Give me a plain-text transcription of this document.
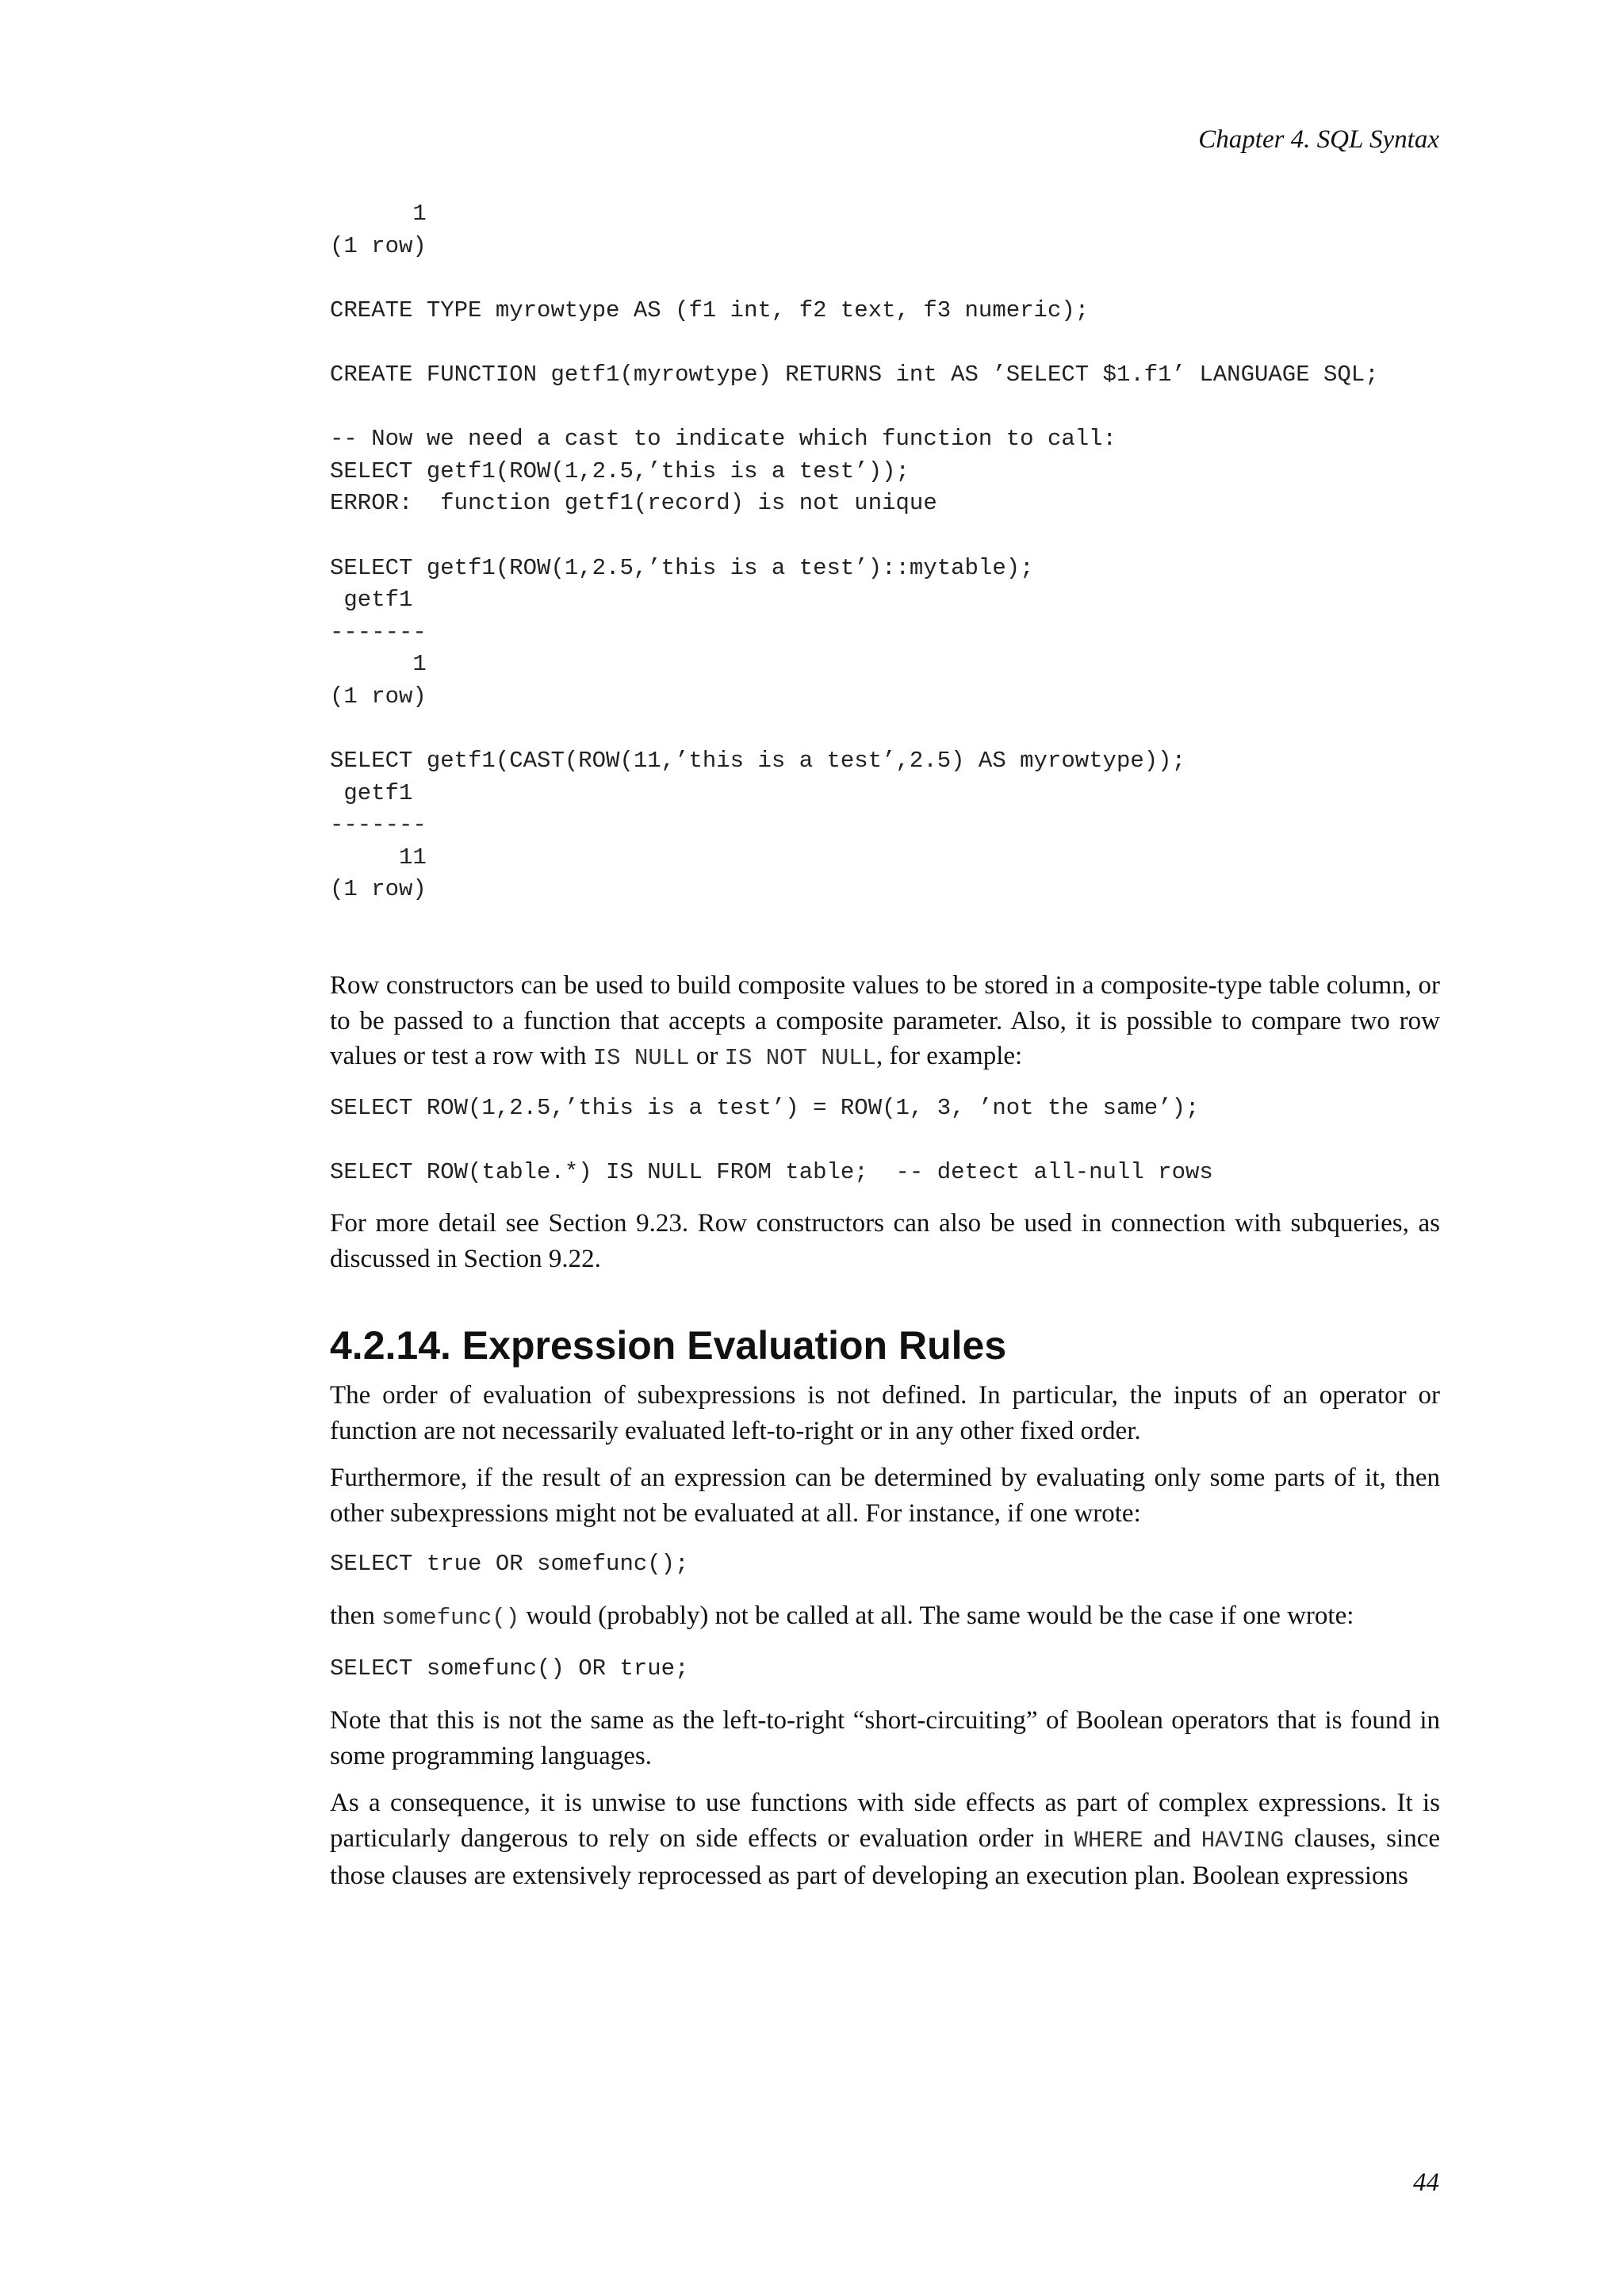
Chapter 4. SQL Syntax
1
(1 row)

CREATE TYPE myrowtype AS (f1 int, f2 text, f3 numeric);

CREATE FUNCTION getf1(myrowtype) RETURNS int AS ’SELECT $1.f1’ LANGUAGE SQL;

-- Now we need a cast to indicate which function to call:
SELECT getf1(ROW(1,2.5,’this is a test’));
ERROR:  function getf1(record) is not unique

SELECT getf1(ROW(1,2.5,’this is a test’)::mytable);
getf1
-------
1
(1 row)

SELECT getf1(CAST(ROW(11,’this is a test’,2.5) AS myrowtype));
getf1
-------
11
(1 row)

Row constructors can be used to build composite values to be stored in a composite-type table column, or to be passed to a function that accepts a composite parameter. Also, it is possible to compare two row values or test a row with IS NULL or IS NOT NULL, for example:

SELECT ROW(1,2.5,’this is a test’) = ROW(1, 3, ’not the same’);

SELECT ROW(table.*) IS NULL FROM table;  -- detect all-null rows

For more detail see Section 9.23. Row constructors can also be used in connection with subqueries, as discussed in Section 9.22.

4.2.14. Expression Evaluation Rules

The order of evaluation of subexpressions is not defined. In particular, the inputs of an operator or function are not necessarily evaluated left-to-right or in any other fixed order.

Furthermore, if the result of an expression can be determined by evaluating only some parts of it, then other subexpressions might not be evaluated at all. For instance, if one wrote:

SELECT true OR somefunc();

then somefunc() would (probably) not be called at all. The same would be the case if one wrote:

SELECT somefunc() OR true;

Note that this is not the same as the left-to-right “short-circuiting” of Boolean operators that is found in some programming languages.

As a consequence, it is unwise to use functions with side effects as part of complex expressions. It is particularly dangerous to rely on side effects or evaluation order in WHERE and HAVING clauses, since those clauses are extensively reprocessed as part of developing an execution plan. Boolean expressions

44
